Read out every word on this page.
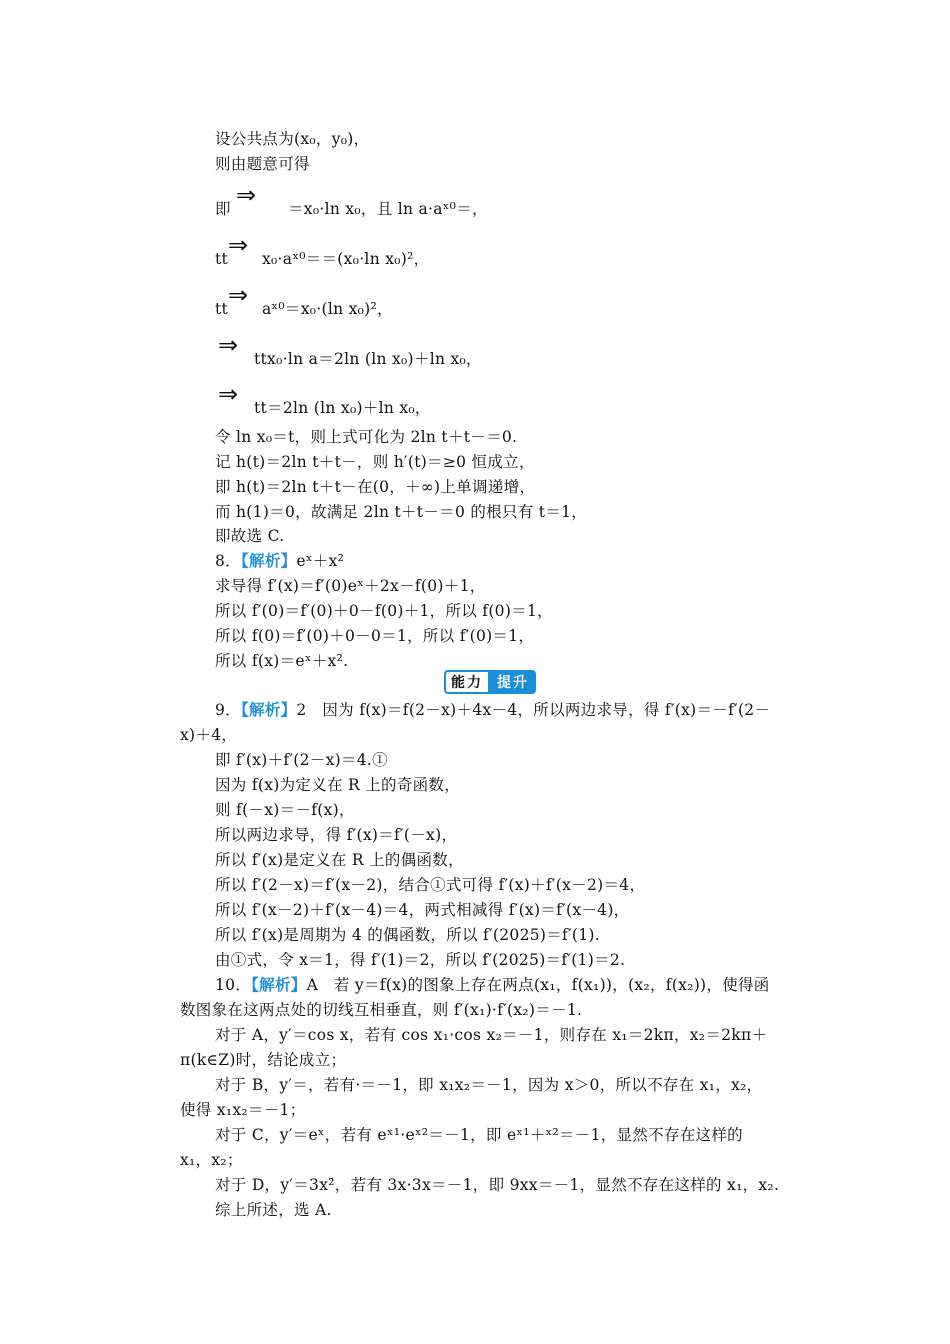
设公共点为(x₀，y₀)，
则由题意可得
⇒
即	＝x₀·ln x₀，且 ln a·aˣ⁰＝，
⇒
tt x₀·aˣ⁰＝＝(x₀·ln x₀)²，
⇒
tt aˣ⁰＝x₀·(ln x₀)²，
⇒ ttx₀·ln a＝2ln (ln x₀)＋ln x₀，
⇒ tt＝2ln (ln x₀)＋ln x₀，
令 ln x₀＝t，则上式可化为 2ln t＋t－＝0.
记 h(t)＝2ln t＋t－，则 h′(t)＝≥0 恒成立，
即 h(t)＝2ln t＋t－在(0，＋∞)上单调递增，
而 h(1)＝0，故满足 2ln t＋t－＝0 的根只有 t＝1，
即故选 C.
8．【解析】eˣ＋x²
求导得 f′(x)＝f′(0)eˣ＋2x－f(0)＋1，
所以 f′(0)＝f′(0)＋0－f(0)＋1，所以 f(0)＝1，
所以 f(0)＝f′(0)＋0－0＝1，所以 f′(0)＝1，
所以 f(x)＝eˣ＋x².
能力	提升
9．【解析】2　因为 f(x)＝f(2－x)＋4x－4，所以两边求导，得 f′(x)＝－f′(2－
x)＋4，
即 f′(x)＋f′(2－x)＝4.①
因为 f(x)为定义在 R 上的奇函数，
则 f(－x)＝－f(x)，
所以两边求导，得 f′(x)＝f′(－x)，
所以 f′(x)是定义在 R 上的偶函数，
所以 f′(2－x)＝f′(x－2)，结合①式可得 f′(x)＋f′(x－2)＝4，
所以 f′(x－2)＋f′(x－4)＝4，两式相减得 f′(x)＝f′(x－4)，
所以 f′(x)是周期为 4 的偶函数，所以 f′(2025)＝f′(1).
由①式，令 x＝1，得 f′(1)＝2，所以 f′(2025)＝f′(1)＝2.
10．【解析】A　若 y＝f(x)的图象上存在两点(x₁，f(x₁))，(x₂，f(x₂))，使得函
数图象在这两点处的切线互相垂直，则 f′(x₁)·f′(x₂)＝－1.
对于 A，y′＝cos x，若有 cos x₁·cos x₂＝－1，则存在 x₁＝2kπ，x₂＝2kπ＋
π(k∈Z)时，结论成立；
对于 B，y′＝，若有·＝－1，即 x₁x₂＝－1，因为 x＞0，所以不存在 x₁，x₂，
使得 x₁x₂＝－1；
对于 C，y′＝eˣ，若有 eˣ¹·eˣ²＝－1，即 eˣ¹＋ˣ²＝－1，显然不存在这样的
x₁，x₂；
对于 D，y′＝3x²，若有 3x·3x＝－1，即 9xx＝－1，显然不存在这样的 x₁，x₂.
综上所述，选 A.
